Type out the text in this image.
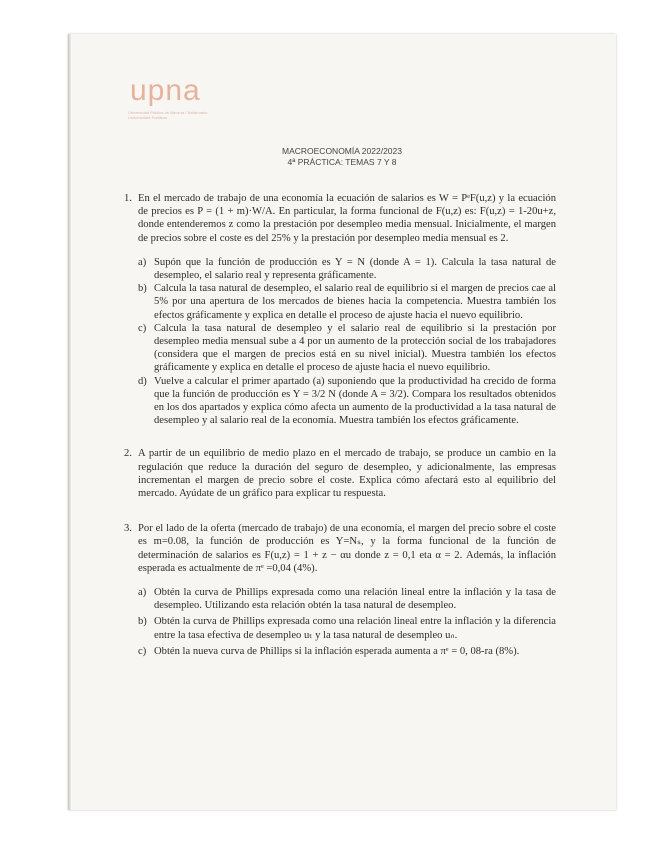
upna
Universidad Pública de Navarra / Nafarroako Unibertsitate Publikoa
MACROECONOMÍA 2022/2023
4ª PRÁCTICA: TEMAS 7 Y 8
1. En el mercado de trabajo de una economía la ecuación de salarios es W = PᵉF(u,z) y la ecuación de precios es P = (1 + m)·W/A. En particular, la forma funcional de F(u,z) es: F(u,z) = 1-20u+z, donde entenderemos z como la prestación por desempleo media mensual. Inicialmente, el margen de precios sobre el coste es del 25% y la prestación por desempleo media mensual es 2.
a) Supón que la función de producción es Y = N (donde A = 1). Calcula la tasa natural de desempleo, el salario real y representa gráficamente.
b) Calcula la tasa natural de desempleo, el salario real de equilibrio si el margen de precios cae al 5% por una apertura de los mercados de bienes hacia la competencia. Muestra también los efectos gráficamente y explica en detalle el proceso de ajuste hacia el nuevo equilibrio.
c) Calcula la tasa natural de desempleo y el salario real de equilibrio si la prestación por desempleo media mensual sube a 4 por un aumento de la protección social de los trabajadores (considera que el margen de precios está en su nivel inicial). Muestra también los efectos gráficamente y explica en detalle el proceso de ajuste hacia el nuevo equilibrio.
d) Vuelve a calcular el primer apartado (a) suponiendo que la productividad ha crecido de forma que la función de producción es Y = 3/2 N (donde A = 3/2). Compara los resultados obtenidos en los dos apartados y explica cómo afecta un aumento de la productividad a la tasa natural de desempleo y al salario real de la economía. Muestra también los efectos gráficamente.
2. A partir de un equilibrio de medio plazo en el mercado de trabajo, se produce un cambio en la regulación que reduce la duración del seguro de desempleo, y adicionalmente, las empresas incrementan el margen de precio sobre el coste. Explica cómo afectará esto al equilibrio del mercado. Ayúdate de un gráfico para explicar tu respuesta.
3. Por el lado de la oferta (mercado de trabajo) de una economía, el margen del precio sobre el coste es m=0.08, la función de producción es Y=Nₛ, y la forma funcional de la función de determinación de salarios es F(u,z) = 1 + z − αu donde z = 0,1 eta α = 2. Además, la inflación esperada es actualmente de πᵉ =0,04 (4%).
a) Obtén la curva de Phillips expresada como una relación lineal entre la inflación y la tasa de desempleo. Utilizando esta relación obtén la tasa natural de desempleo.
b) Obtén la curva de Phillips expresada como una relación lineal entre la inflación y la diferencia entre la tasa efectiva de desempleo uₜ y la tasa natural de desempleo uₙ.
c) Obtén la nueva curva de Phillips si la inflación esperada aumenta a πᵉ = 0, 08-ra (8%).
